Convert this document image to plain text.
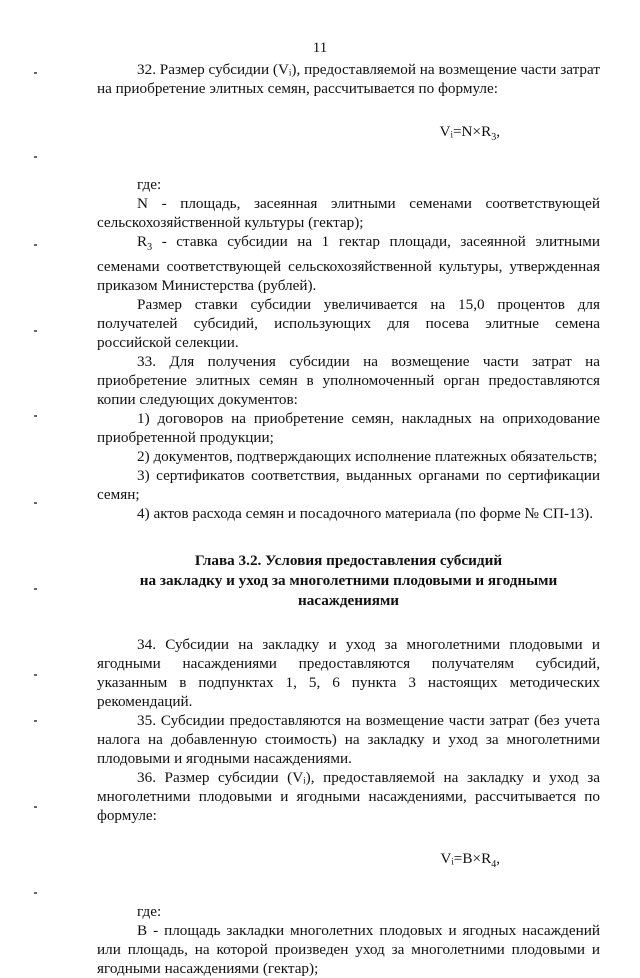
11

32. Размер субсидии (Vᵢ), предоставляемой на возмещение части затрат на приобретение элитных семян, рассчитывается по формуле:

$Vᵢ=N\times R_3$,

где:

N - площадь, засеянная элитными семенами соответствующей сельскохозяйственной культуры (гектар);

$R_3$ - ставка субсидии на 1 гектар площади, засеянной элитными семенами соответствующей сельскохозяйственной культуры, утвержденная приказом Министерства (рублей).

Размер ставки субсидии увеличивается на 15,0 процентов для получателей субсидий, использующих для посева элитные семена российской селекции.

33. Для получения субсидии на возмещение части затрат на приобретение элитных семян в уполномоченный орган предоставляются копии следующих документов:

1) договоров на приобретение семян, накладных на оприходование приобретенной продукции;

2) документов, подтверждающих исполнение платежных обязательств;

3) сертификатов соответствия, выданных органами по сертификации семян;

4) актов расхода семян и посадочного материала (по форме № СП-13).

Глава 3.2. Условия предоставления субсидий
на закладку и уход за многолетними плодовыми и ягодными
насаждениями

34. Субсидии на закладку и уход за многолетними плодовыми и ягодными насаждениями предоставляются получателям субсидий, указанным в подпунктах 1, 5, 6 пункта 3 настоящих методических рекомендаций.

35. Субсидии предоставляются на возмещение части затрат (без учета налога на добавленную стоимость) на закладку и уход за многолетними плодовыми и ягодными насаждениями.

36. Размер субсидии (Vᵢ), предоставляемой на закладку и уход за многолетними плодовыми и ягодными насаждениями, рассчитывается по формуле:

$Vᵢ=B\times R_4$,

где:

B - площадь закладки многолетних плодовых и ягодных насаждений или площадь, на которой произведен уход за многолетними плодовыми и ягодными насаждениями (гектар);
